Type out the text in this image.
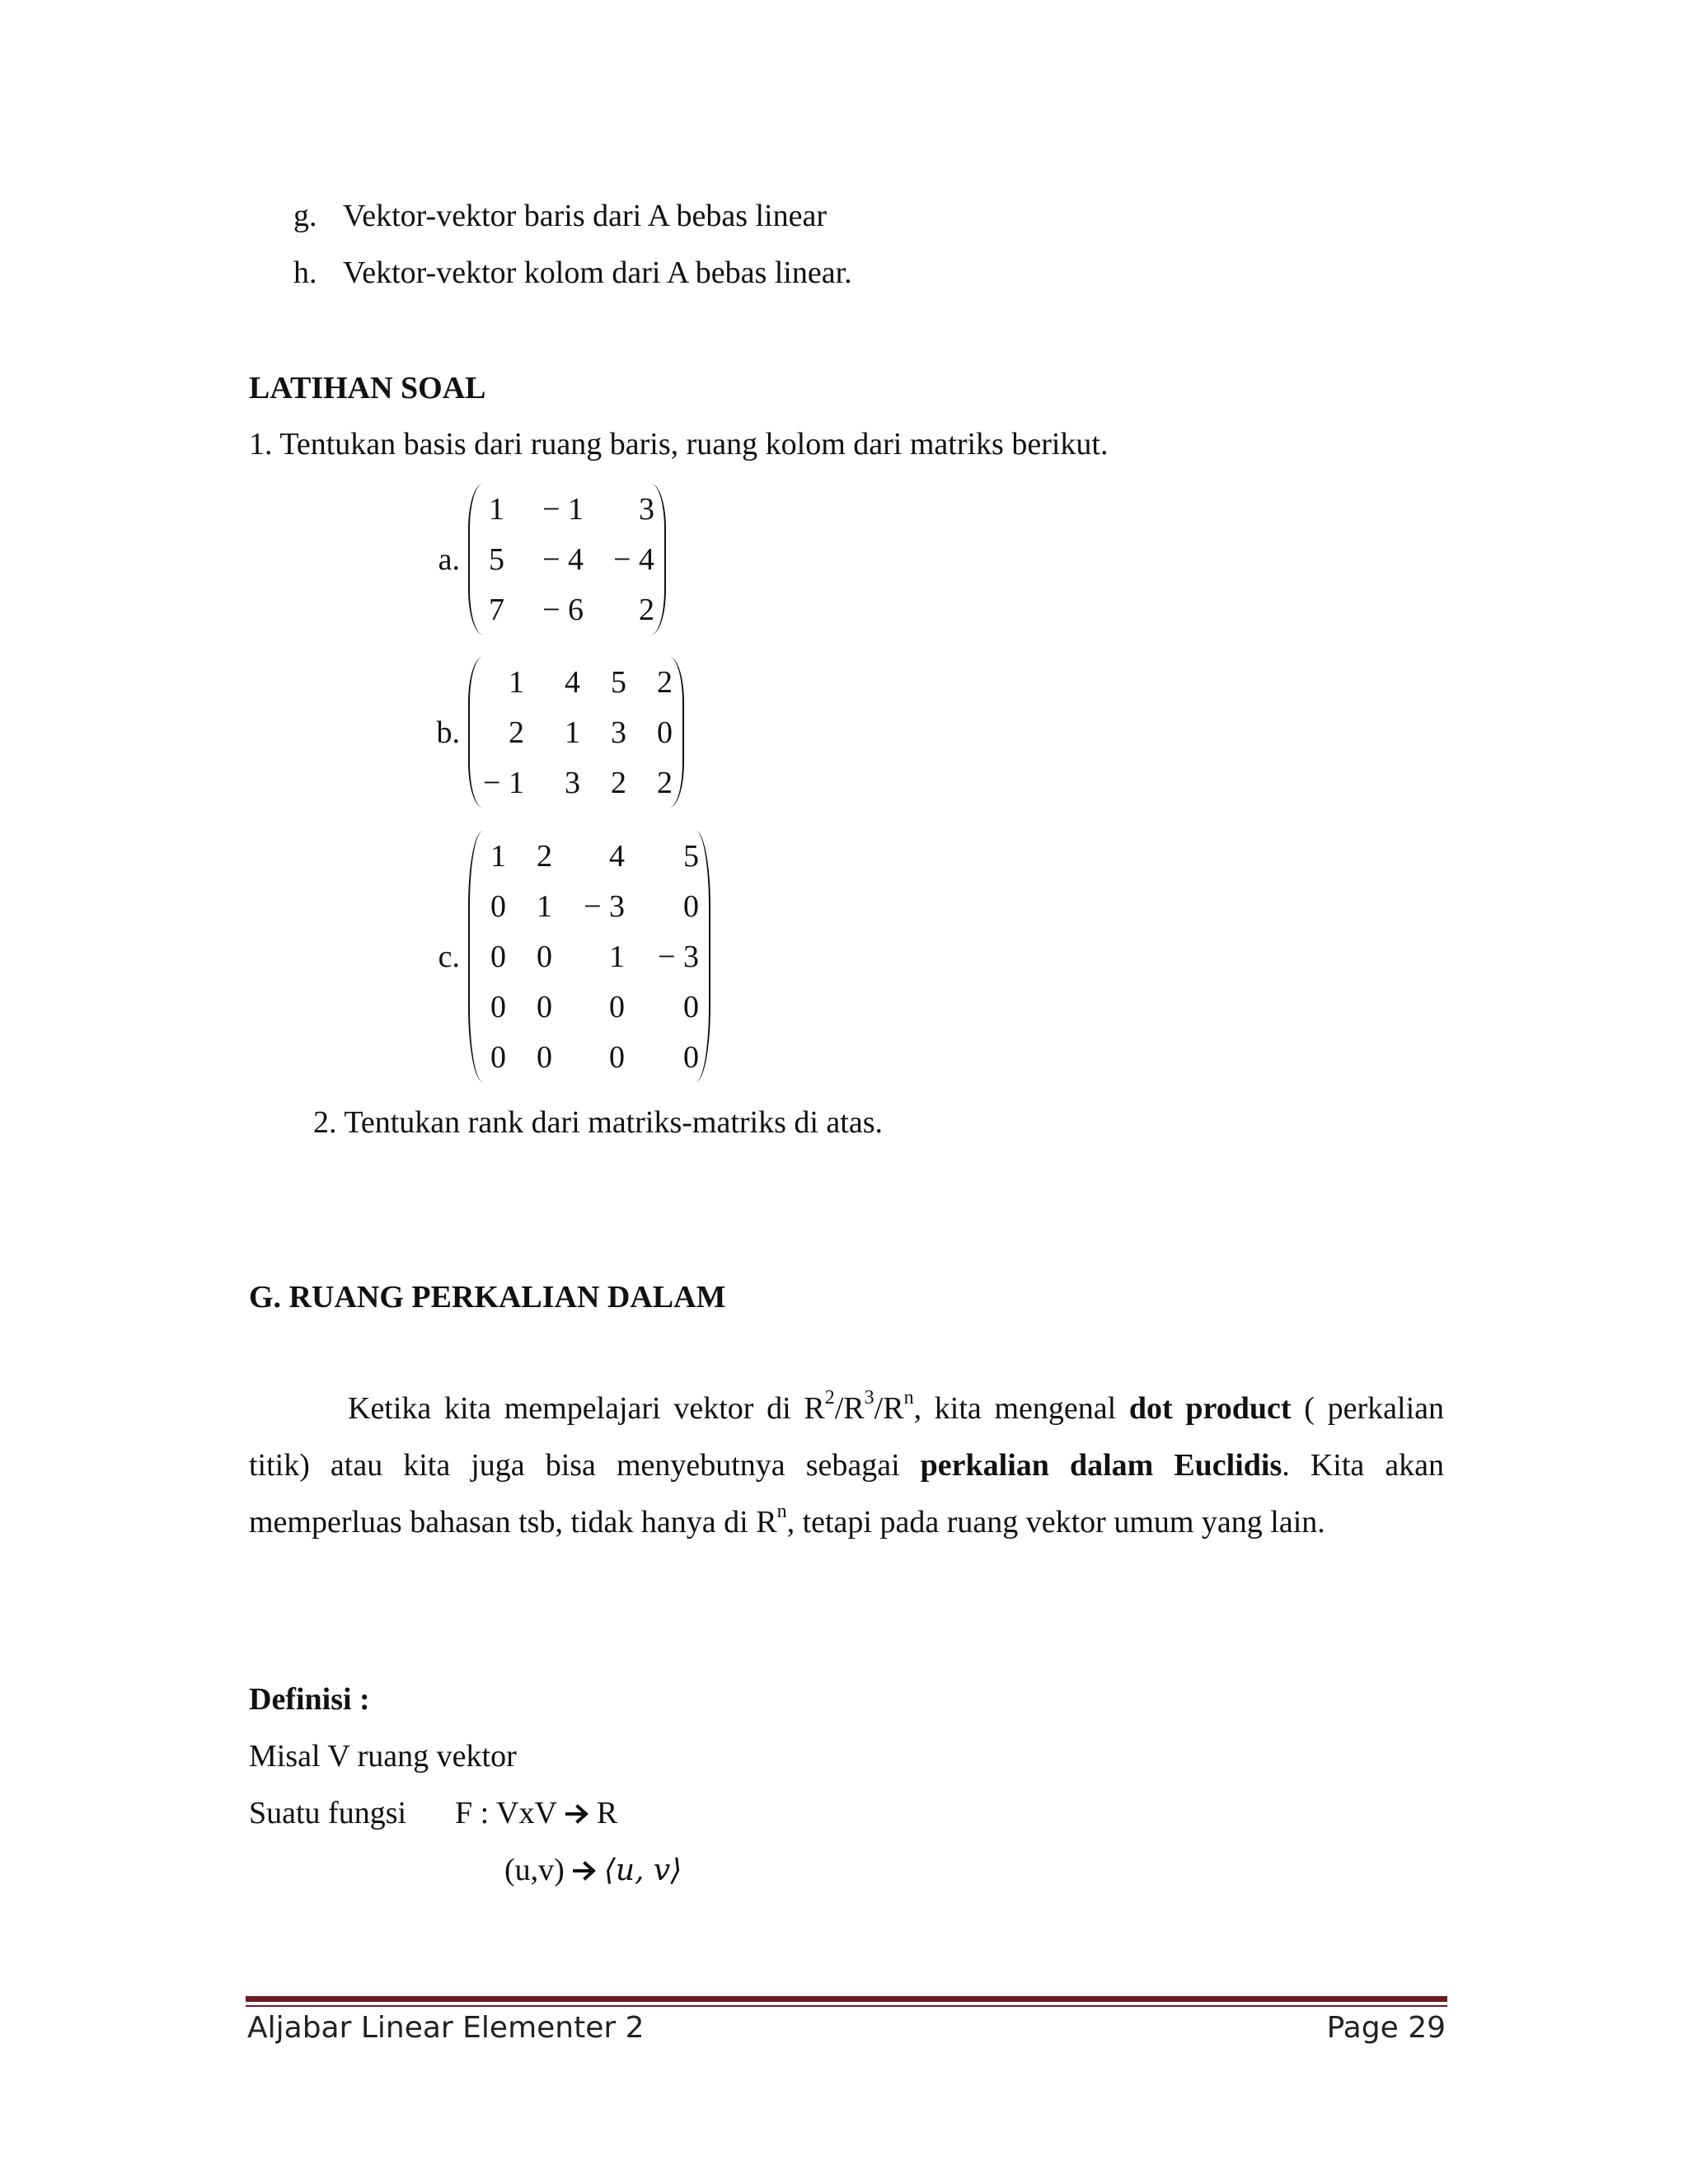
g. Vektor-vektor baris dari A bebas linear
h. Vektor-vektor kolom dari A bebas linear.
LATIHAN SOAL
1. Tentukan basis dari ruang baris, ruang kolom dari matriks berikut.
a.
1	− 1	3
5	− 4	− 4
7	− 6	2
b.
1	4	5	2
2	1	3	0
− 1	3	2	2
c.
1	2	4	5
0	1	− 3	0
0	0	1	− 3
0	0	0	0
0	0	0	0
2. Tentukan rank dari matriks-matriks di atas.
G. RUANG PERKALIAN DALAM
Ketika kita mempelajari vektor di $R^2/R^3/R^n$, kita mengenal dot product ( perkalian titik) atau kita juga bisa menyebutnya sebagai perkalian dalam Euclidis. Kita akan memperluas bahasan tsb, tidak hanya di $R^n$, tetapi pada ruang vektor umum yang lain.
Definisi :
Misal V ruang vektor
Suatu fungsi F : VxV R
(u,v) ⟨u, v⟩
Aljabar Linear Elementer 2	Page 29
